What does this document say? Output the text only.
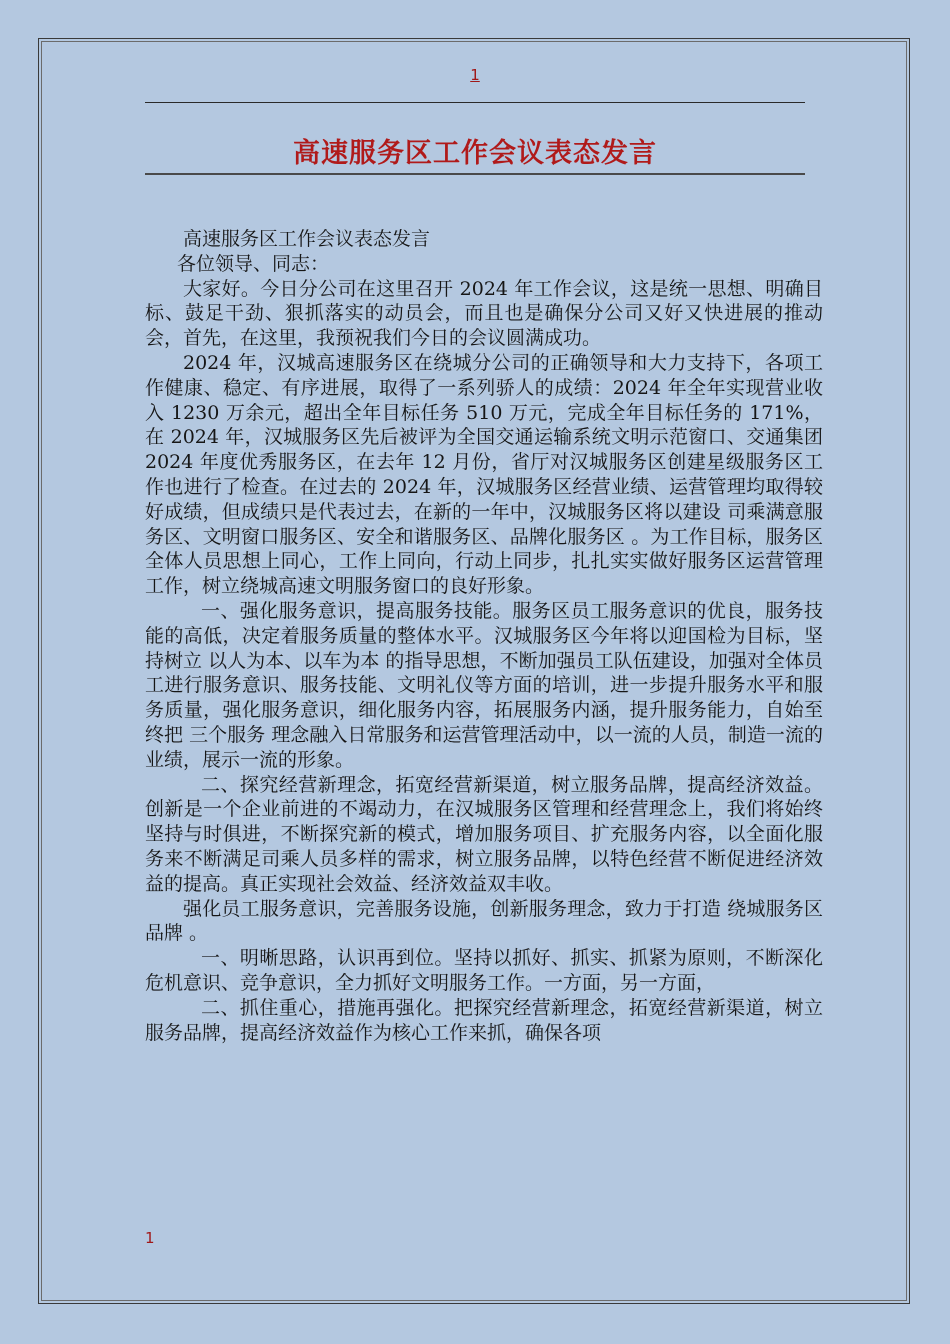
1
高速服务区工作会议表态发言

高速服务区工作会议表态发言

各位领导、同志：

大家好。今日分公司在这里召开 2024 年工作会议，这是统一思想、明确目标、鼓足干劲、狠抓落实的动员会，而且也是确保分公司又好又快进展的推动会，首先，在这里，我预祝我们今日的会议圆满成功。

2024 年，汉城高速服务区在绕城分公司的正确领导和大力支持下，各项工作健康、稳定、有序进展，取得了一系列骄人的成绩：2024 年全年实现营业收入 1230 万余元，超出全年目标任务 510 万元，完成全年目标任务的 171%，在 2024 年，汉城服务区先后被评为全国交通运输系统文明示范窗口、交通集团 2024 年度优秀服务区，在去年 12 月份，省厅对汉城服务区创建星级服务区工作也进行了检查。在过去的 2024 年，汉城服务区经营业绩、运营管理均取得较好成绩，但成绩只是代表过去，在新的一年中，汉城服务区将以建设 司乘满意服务区、文明窗口服务区、安全和谐服务区、品牌化服务区 。为工作目标，服务区全体人员思想上同心，工作上同向，行动上同步，扎扎实实做好服务区运营管理工作，树立绕城高速文明服务窗口的良好形象。

一、强化服务意识，提高服务技能。服务区员工服务意识的优良，服务技能的高低，决定着服务质量的整体水平。汉城服务区今年将以迎国检为目标，坚持树立 以人为本、以车为本 的指导思想，不断加强员工队伍建设，加强对全体员工进行服务意识、服务技能、文明礼仪等方面的培训，进一步提升服务水平和服务质量，强化服务意识，细化服务内容，拓展服务内涵，提升服务能力，自始至终把 三个服务 理念融入日常服务和运营管理活动中，以一流的人员，制造一流的业绩，展示一流的形象。

二、探究经营新理念，拓宽经营新渠道，树立服务品牌，提高经济效益。创新是一个企业前进的不竭动力，在汉城服务区管理和经营理念上，我们将始终坚持与时俱进，不断探究新的模式，增加服务项目、扩充服务内容，以全面化服务来不断满足司乘人员多样的需求，树立服务品牌，以特色经营不断促进经济效益的提高。真正实现社会效益、经济效益双丰收。

强化员工服务意识，完善服务设施，创新服务理念，致力于打造 绕城服务区品牌 。

一、明晰思路，认识再到位。坚持以抓好、抓实、抓紧为原则，不断深化危机意识、竞争意识，全力抓好文明服务工作。一方面，另一方面，

二、抓住重心，措施再强化。把探究经营新理念，拓宽经营新渠道，树立服务品牌，提高经济效益作为核心工作来抓，确保各项

1
